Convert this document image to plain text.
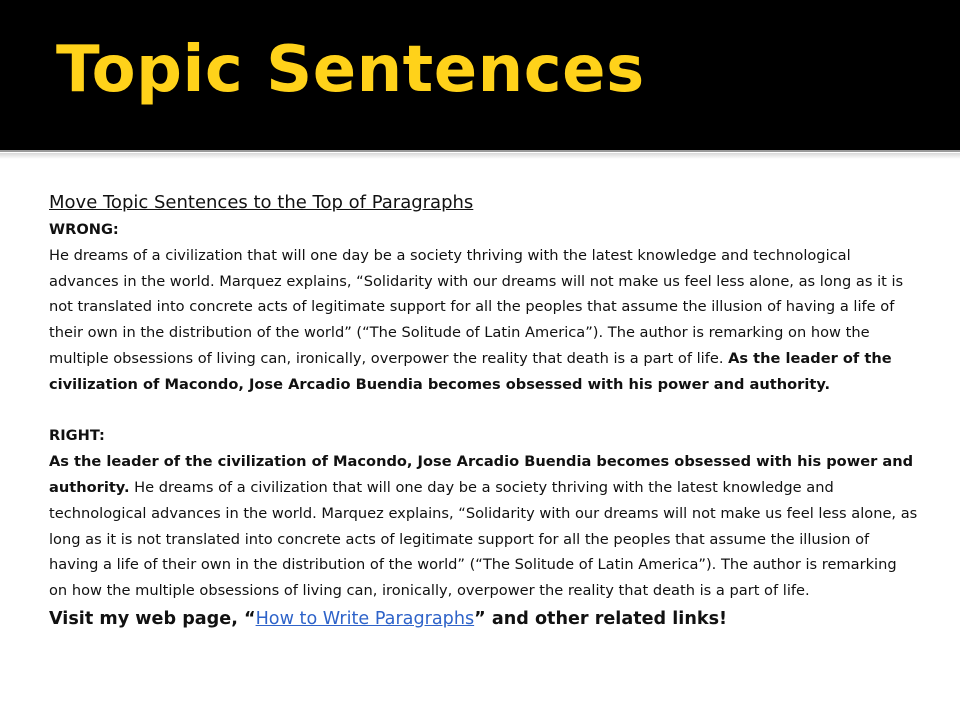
Topic Sentences
Move Topic Sentences to the Top of Paragraphs

WRONG:
He dreams of a civilization that will one day be a society thriving with the latest knowledge and technological advances in the world. Marquez explains, “Solidarity with our dreams will not make us feel less alone, as long as it is not translated into concrete acts of legitimate support for all the peoples that assume the illusion of having a life of their own in the distribution of the world” (“The Solitude of Latin America”). The author is remarking on how the multiple obsessions of living can, ironically, overpower the reality that death is a part of life. As the leader of the civilization of Macondo, Jose Arcadio Buendia becomes obsessed with his power and authority.

RIGHT:
As the leader of the civilization of Macondo, Jose Arcadio Buendia becomes obsessed with his power and authority. He dreams of a civilization that will one day be a society thriving with the latest knowledge and technological advances in the world. Marquez explains, “Solidarity with our dreams will not make us feel less alone, as long as it is not translated into concrete acts of legitimate support for all the peoples that assume the illusion of having a life of their own in the distribution of the world” (“The Solitude of Latin America”). The author is remarking on how the multiple obsessions of living can, ironically, overpower the reality that death is a part of life.

Visit my web page, “How to Write Paragraphs” and other related links!
